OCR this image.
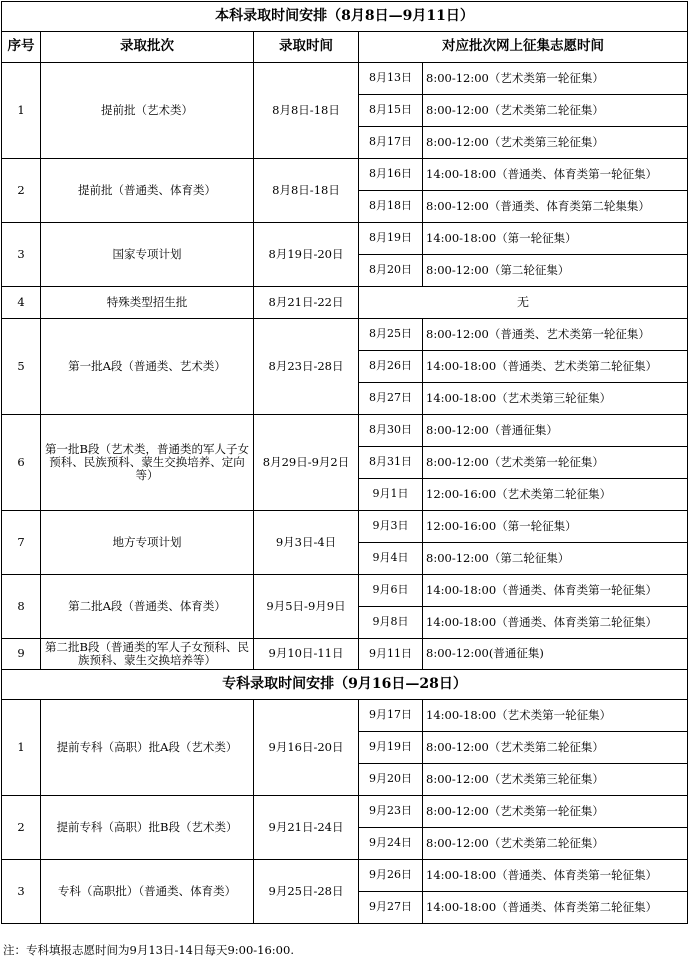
本科录取时间安排（8月8日—9月11日）				
序号	录取批次	录取时间	对应批次网上征集志愿时间	
1	提前批（艺术类）	8月8日-18日	8月13日	8:00-12:00（艺术类第一轮征集）
			8月15日	8:00-12:00（艺术类第二轮征集）
			8月17日	8:00-12:00（艺术类第三轮征集）
2	提前批（普通类、体育类）	8月8日-18日	8月16日	14:00-18:00（普通类、体育类第一轮征集）
			8月18日	8:00-12:00（普通类、体育类第二轮集集）
3	国家专项计划	8月19日-20日	8月19日	14:00-18:00（第一轮征集）
			8月20日	8:00-12:00（第二轮征集）
4	特殊类型招生批	8月21日-22日	无	
5	第一批A段（普通类、艺术类）	8月23日-28日	8月25日	8:00-12:00（普通类、艺术类第一轮征集）
			8月26日	14:00-18:00（普通类、艺术类第二轮征集）
			8月27日	14:00-18:00（艺术类第三轮征集）
6	第一批B段（艺术类，普通类的军人子女预科、民族预科、蒙生交换培养、定向等）	8月29日-9月2日	8月30日	8:00-12:00（普通征集）
			8月31日	8:00-12:00（艺术类第一轮征集）
			9月1日	12:00-16:00（艺术类第二轮征集）
7	地方专项计划	9月3日-4日	9月3日	12:00-16:00（第一轮征集）
			9月4日	8:00-12:00（第二轮征集）
8	第二批A段（普通类、体育类）	9月5日-9月9日	9月6日	14:00-18:00（普通类、体育类第一轮征集）
			9月8日	14:00-18:00（普通类、体育类第二轮征集）
9	第二批B段（普通类的军人子女预科、民族预科、蒙生交换培养等）	9月10日-11日	9月11日	8:00-12:00(普通征集)
专科录取时间安排（9月16日—28日）				
1	提前专科（高职）批A段（艺术类）	9月16日-20日	9月17日	14:00-18:00（艺术类第一轮征集）
			9月19日	8:00-12:00（艺术类第二轮征集）
			9月20日	8:00-12:00（艺术类第三轮征集）
2	提前专科（高职）批B段（艺术类）	9月21日-24日	9月23日	8:00-12:00（艺术类第一轮征集）
			9月24日	8:00-12:00（艺术类第二轮征集）
3	专科（高职批）（普通类、体育类）	9月25日-28日	9月26日	14:00-18:00（普通类、体育类第一轮征集）
			9月27日	14:00-18:00（普通类、体育类第二轮征集）
注：专科填报志愿时间为9月13日-14日每天9:00-16:00.
